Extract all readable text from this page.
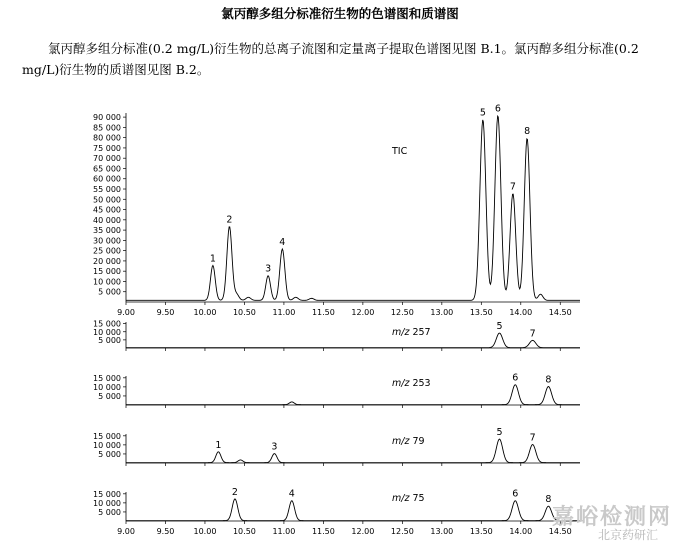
氯丙醇多组分标准衍生物的色谱图和质谱图
氯丙醇多组分标准(0.2 mg/L)衍生物的总离子流图和定量离子提取色谱图见图 B.1。氯丙醇多组分标准(0.2 mg/L)衍生物的质谱图见图 B.2。
5 000
10 000
15 000
20 000
25 000
30 000
35 000
40 000
45 000
50 000
55 000
60 000
65 000
70 000
75 000
80 000
85 000
90 000
9.00	9.50 10.00 10.50 11.00 11.50 12.00 12.50 13.00 13.50 14.00 14.50
1
2
3
4
5 6
7
8
TIC
5 000
10 000
15 000	5
7
m/z 257
5 000
10 000
15 000	6	8
m/z 253
5 000
10 000
15 000
1	3
5	7
m/z 79
5 000
10 000
15 000
9.00	9.50 10.00 10.50 11.00 11.50 12.00 12.50 13.00 13.50 14.00 14.50
2	4	6	8
m/z 75
嘉峪检测网
北京药研汇
